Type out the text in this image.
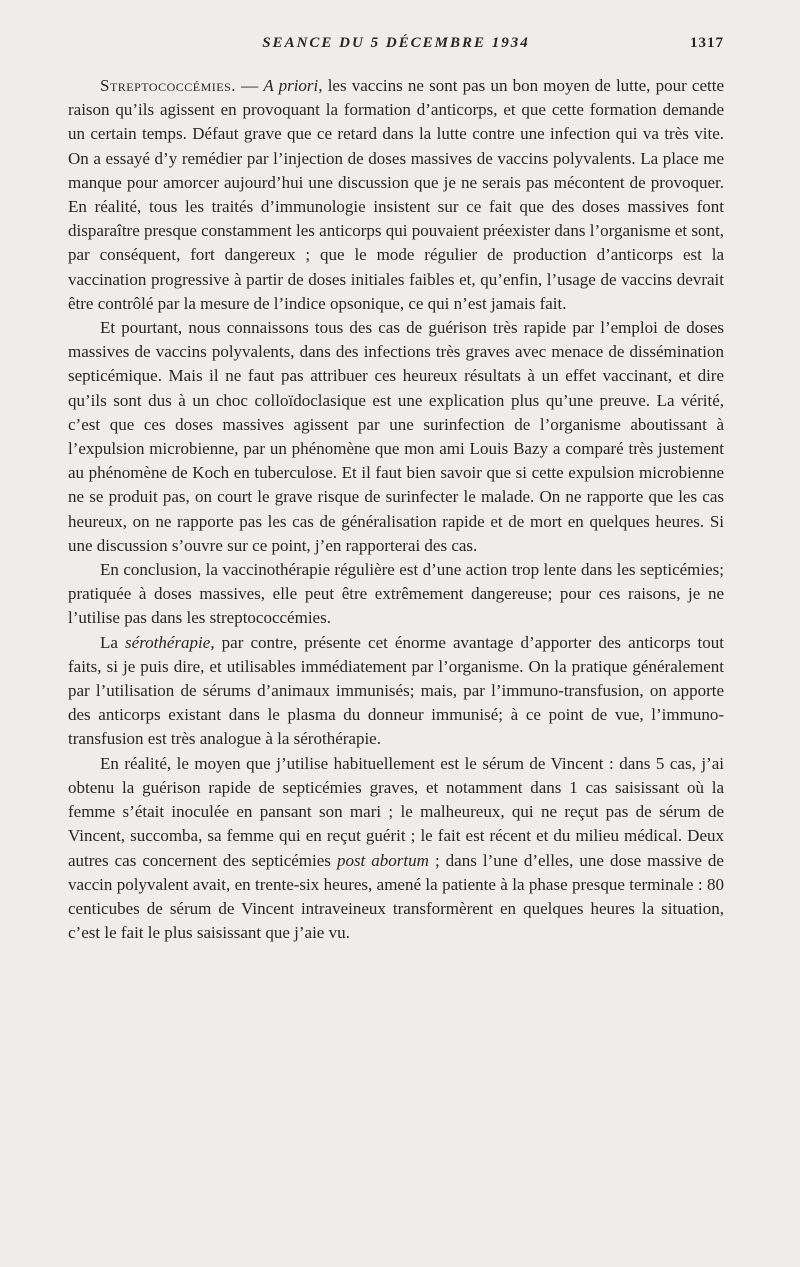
SEANCE DU 5 DÉCEMBRE 1934	1317

Streptococcémies. — A priori, les vaccins ne sont pas un bon moyen de lutte, pour cette raison qu’ils agissent en provoquant la formation d’anticorps, et que cette formation demande un certain temps. Défaut grave que ce retard dans la lutte contre une infection qui va très vite. On a essayé d’y remédier par l’injection de doses massives de vaccins polyvalents. La place me manque pour amorcer aujourd’hui une discussion que je ne serais pas mécontent de provoquer. En réalité, tous les traités d’immunologie insistent sur ce fait que des doses massives font disparaître presque constamment les anticorps qui pouvaient préexister dans l’organisme et sont, par conséquent, fort dangereux ; que le mode régulier de production d’anticorps est la vaccination progressive à partir de doses initiales faibles et, qu’enfin, l’usage de vaccins devrait être contrôlé par la mesure de l’indice opsonique, ce qui n’est jamais fait.

Et pourtant, nous connaissons tous des cas de guérison très rapide par l’emploi de doses massives de vaccins polyvalents, dans des infections très graves avec menace de dissémination septicémique. Mais il ne faut pas attribuer ces heureux résultats à un effet vaccinant, et dire qu’ils sont dus à un choc colloïdoclasique est une explication plus qu’une preuve. La vérité, c’est que ces doses massives agissent par une surinfection de l’organisme aboutissant à l’expulsion microbienne, par un phénomène que mon ami Louis Bazy a comparé très justement au phénomène de Koch en tuberculose. Et il faut bien savoir que si cette expulsion microbienne ne se produit pas, on court le grave risque de surinfecter le malade. On ne rapporte que les cas heureux, on ne rapporte pas les cas de généralisation rapide et de mort en quelques heures. Si une discussion s’ouvre sur ce point, j’en rapporterai des cas.

En conclusion, la vaccinothérapie régulière est d’une action trop lente dans les septicémies; pratiquée à doses massives, elle peut être extrêmement dangereuse; pour ces raisons, je ne l’utilise pas dans les streptococcémies.

La sérothérapie, par contre, présente cet énorme avantage d’apporter des anticorps tout faits, si je puis dire, et utilisables immédiatement par l’organisme. On la pratique généralement par l’utilisation de sérums d’animaux immunisés; mais, par l’immuno-transfusion, on apporte des anticorps existant dans le plasma du donneur immunisé; à ce point de vue, l’immuno-transfusion est très analogue à la sérothérapie.

En réalité, le moyen que j’utilise habituellement est le sérum de Vincent : dans 5 cas, j’ai obtenu la guérison rapide de septicémies graves, et notamment dans 1 cas saisissant où la femme s’était inoculée en pansant son mari ; le malheureux, qui ne reçut pas de sérum de Vincent, succomba, sa femme qui en reçut guérit ; le fait est récent et du milieu médical. Deux autres cas concernent des septicémies post abortum ; dans l’une d’elles, une dose massive de vaccin polyvalent avait, en trente-six heures, amené la patiente à la phase presque terminale : 80 centicubes de sérum de Vincent intraveineux transformèrent en quelques heures la situation, c’est le fait le plus saisissant que j’aie vu.
